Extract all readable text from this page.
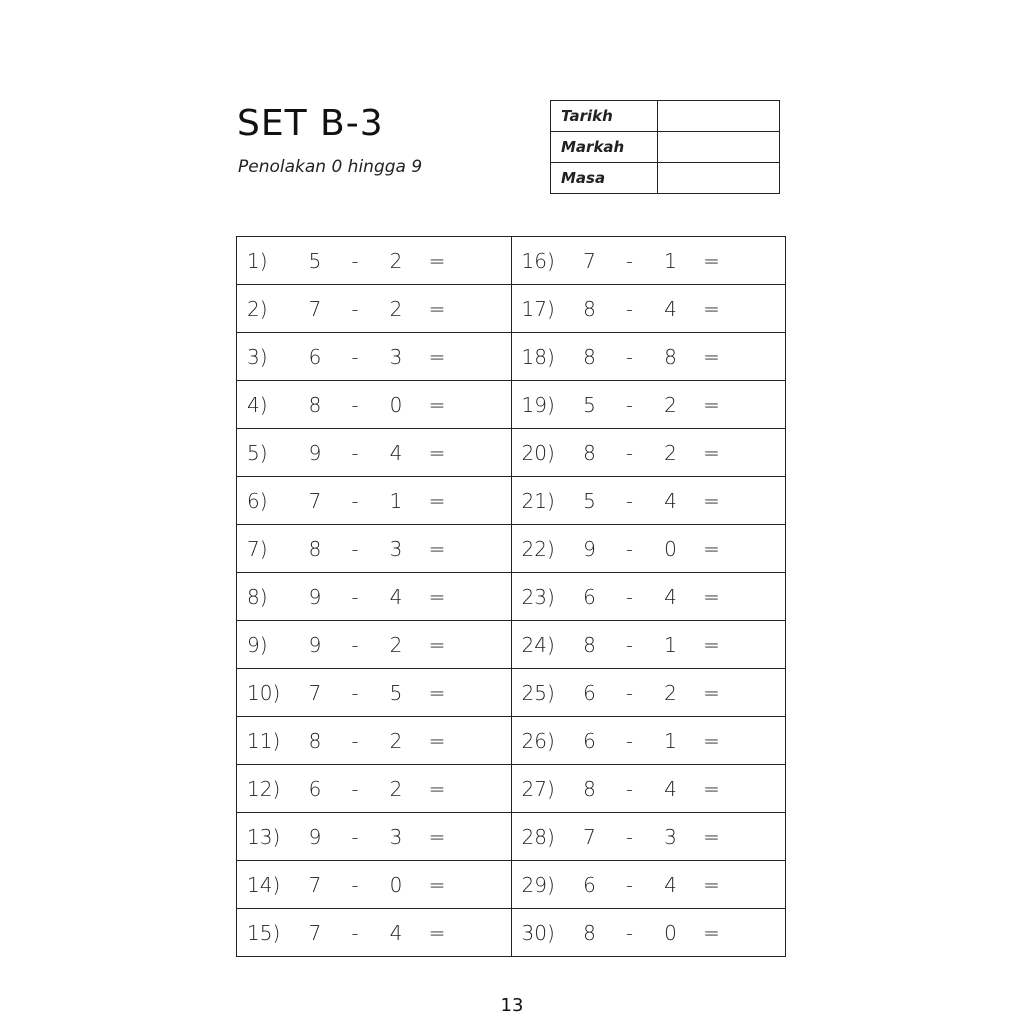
SET B-3

Penolakan 0 hingga 9

Tarikh	
Markah	
Masa	
1) 5 - 2 =	16) 7 - 1 =

2) 7 - 2 =	17) 8 - 4 =

3) 6 - 3 =	18) 8 - 8 =

4) 8 - 0 =	19) 5 - 2 =

5) 9 - 4 =	20) 8 - 2 =

6) 7 - 1 =	21) 5 - 4 =

7) 8 - 3 =	22) 9 - 0 =

8) 9 - 4 =	23) 6 - 4 =

9) 9 - 2 =	24) 8 - 1 =

10) 7 - 5 =	25) 6 - 2 =

11) 8 - 2 =	26) 6 - 1 =

12) 6 - 2 =	27) 8 - 4 =

13) 9 - 3 =	28) 7 - 3 =

14) 7 - 0 =	29) 6 - 4 =

15) 7 - 4 =	30) 8 - 0 =
13
